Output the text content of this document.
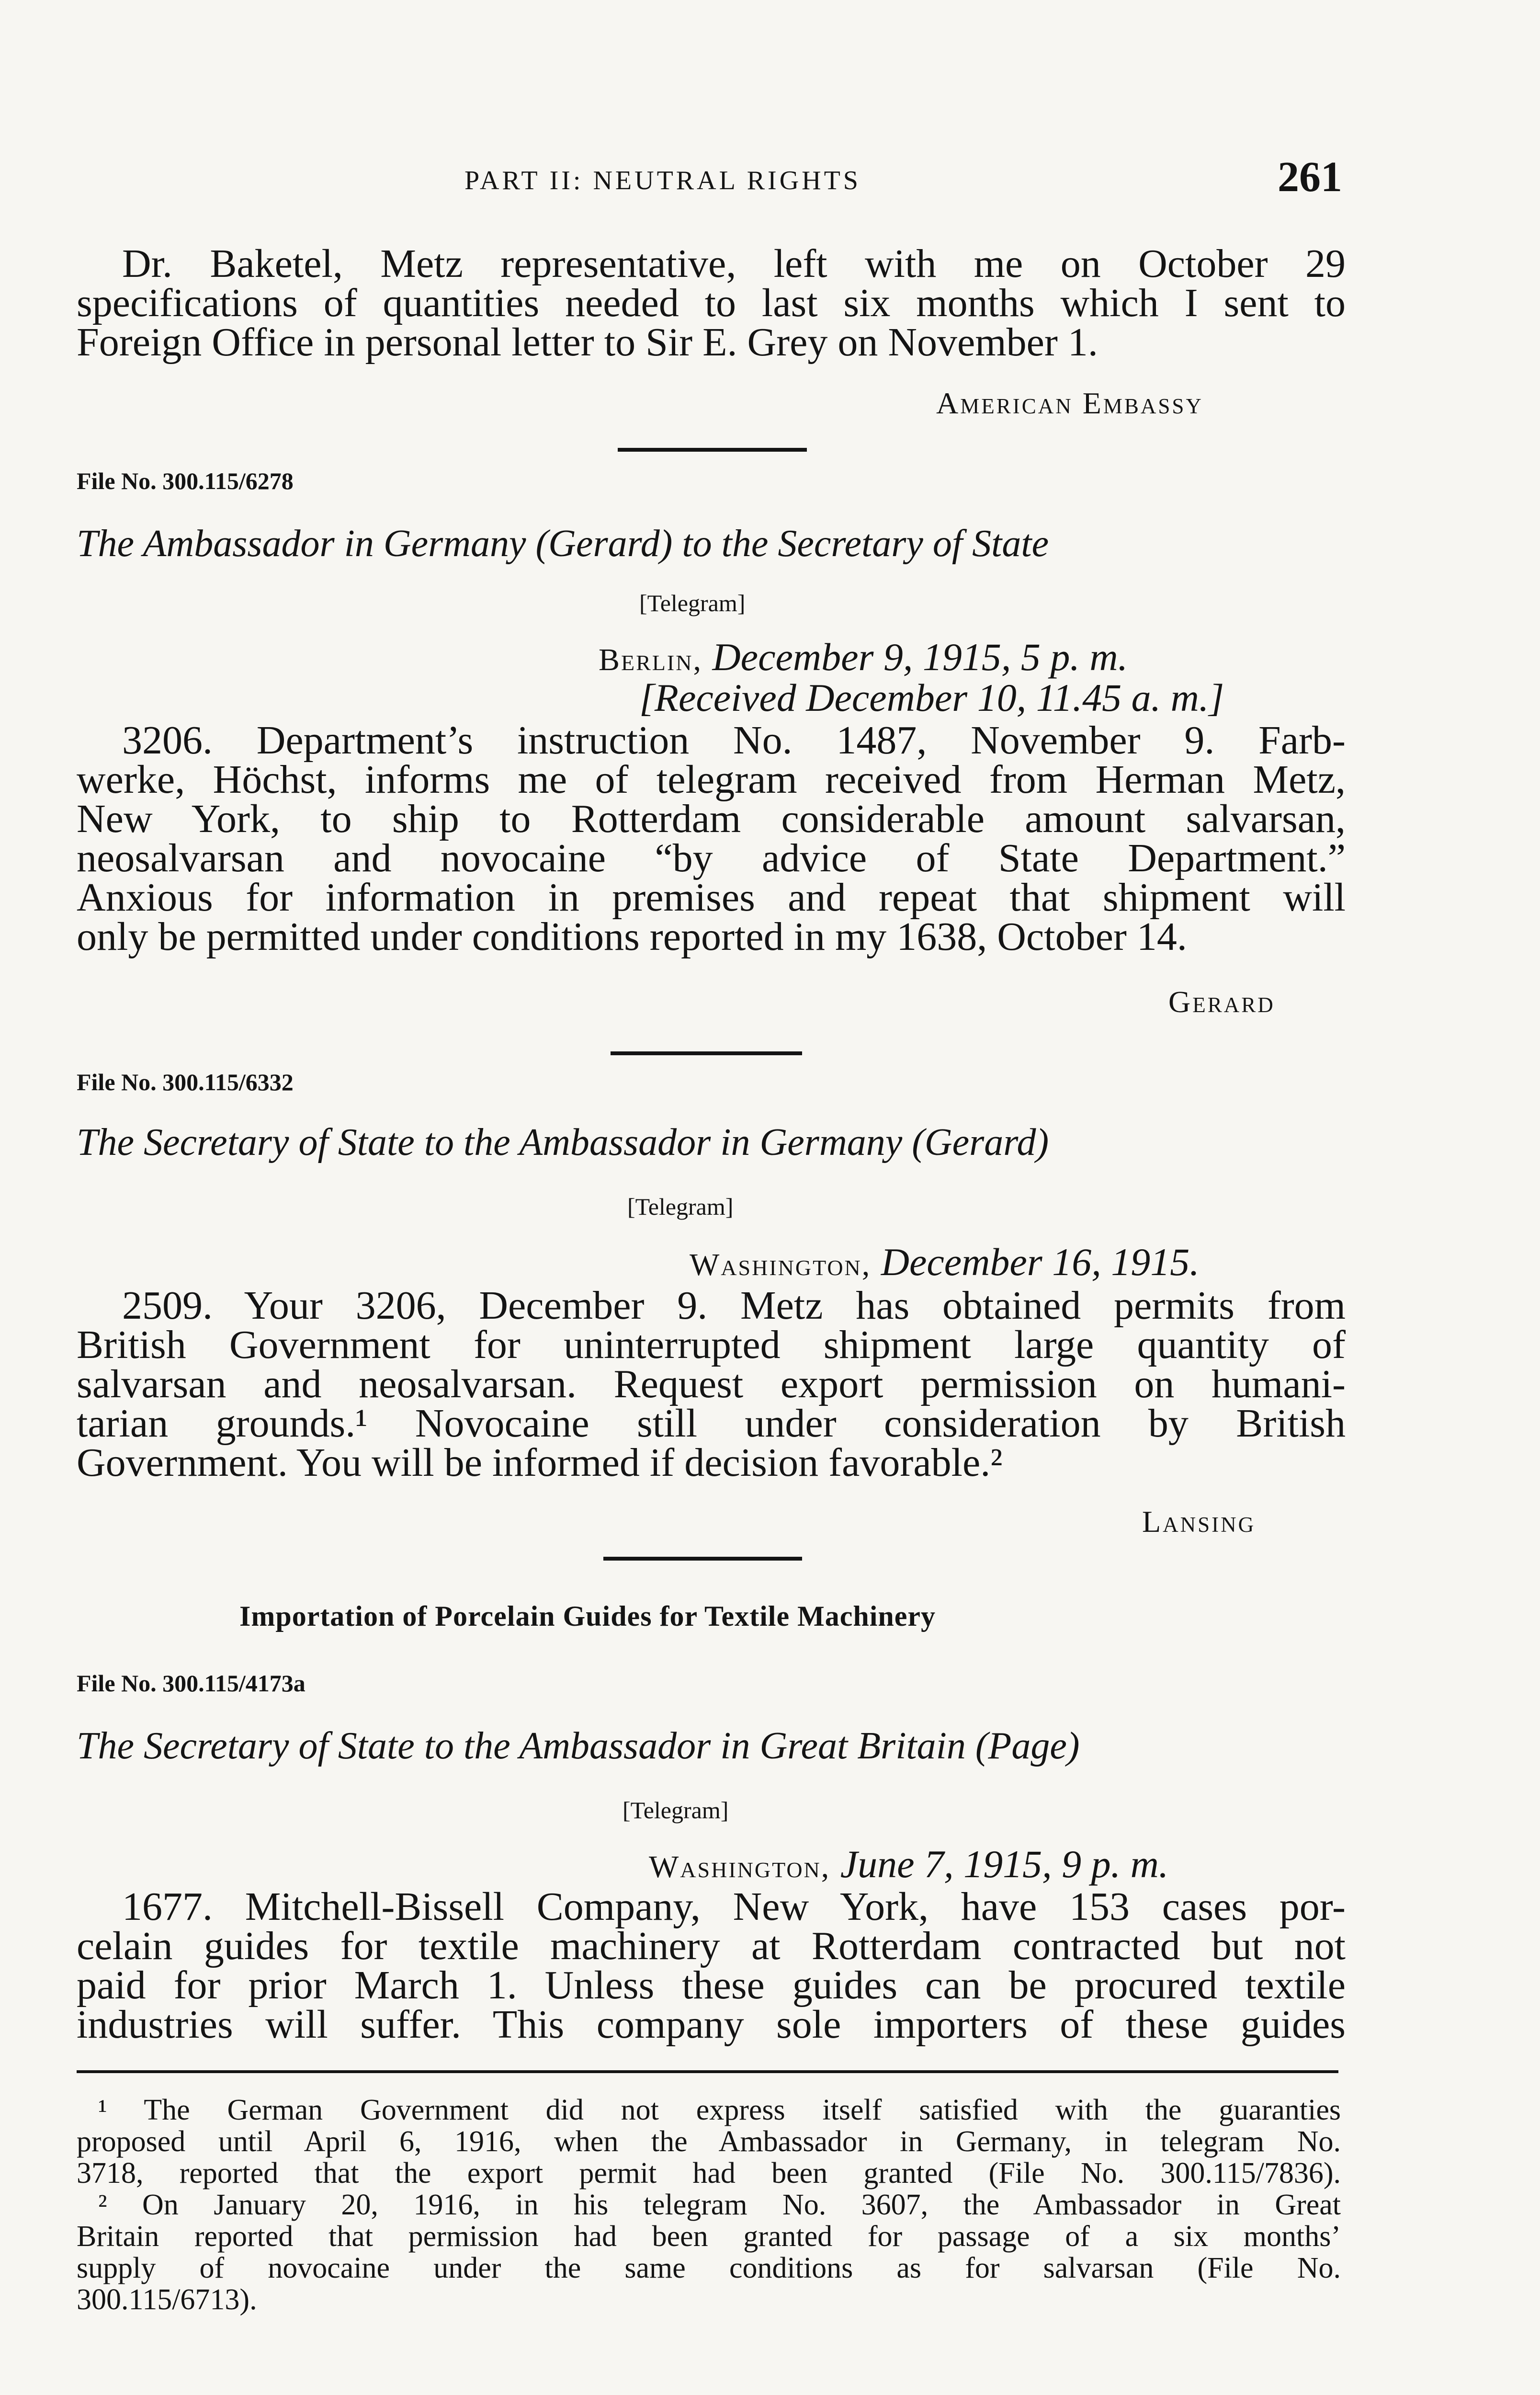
PART II: NEUTRAL RIGHTS	261
Dr. Baketel, Metz representative, left with me on October 29
specifications of quantities needed to last six months which I sent to
Foreign Office in personal letter to Sir E. Grey on November 1.
American Embassy
File No. 300.115/6278
The Ambassador in Germany (Gerard) to the Secretary of State
[Telegram]
Berlin, December 9, 1915, 5 p. m.
[Received December 10, 11.45 a. m.]
3206. Department’s instruction No. 1487, November 9. Farb-
werke, Höchst, informs me of telegram received from Herman Metz,
New York, to ship to Rotterdam considerable amount salvarsan,
neosalvarsan and novocaine “by advice of State Department.”
Anxious for information in premises and repeat that shipment will
only be permitted under conditions reported in my 1638, October 14.
Gerard
File No. 300.115/6332
The Secretary of State to the Ambassador in Germany (Gerard)
[Telegram]
Washington, December 16, 1915.
2509. Your 3206, December 9. Metz has obtained permits from
British Government for uninterrupted shipment large quantity of
salvarsan and neosalvarsan. Request export permission on humani-
tarian grounds.¹ Novocaine still under consideration by British
Government. You will be informed if decision favorable.²
Lansing
Importation of Porcelain Guides for Textile Machinery
File No. 300.115/4173a
The Secretary of State to the Ambassador in Great Britain (Page)
[Telegram]
Washington, June 7, 1915, 9 p. m.
1677. Mitchell-Bissell Company, New York, have 153 cases por-
celain guides for textile machinery at Rotterdam contracted but not
paid for prior March 1. Unless these guides can be procured textile
industries will suffer. This company sole importers of these guides
¹ The German Government did not express itself satisfied with the guaranties
proposed until April 6, 1916, when the Ambassador in Germany, in telegram No.
3718, reported that the export permit had been granted (File No. 300.115/7836).
² On January 20, 1916, in his telegram No. 3607, the Ambassador in Great
Britain reported that permission had been granted for passage of a six months’
supply of novocaine under the same conditions as for salvarsan (File No.
300.115/6713).
